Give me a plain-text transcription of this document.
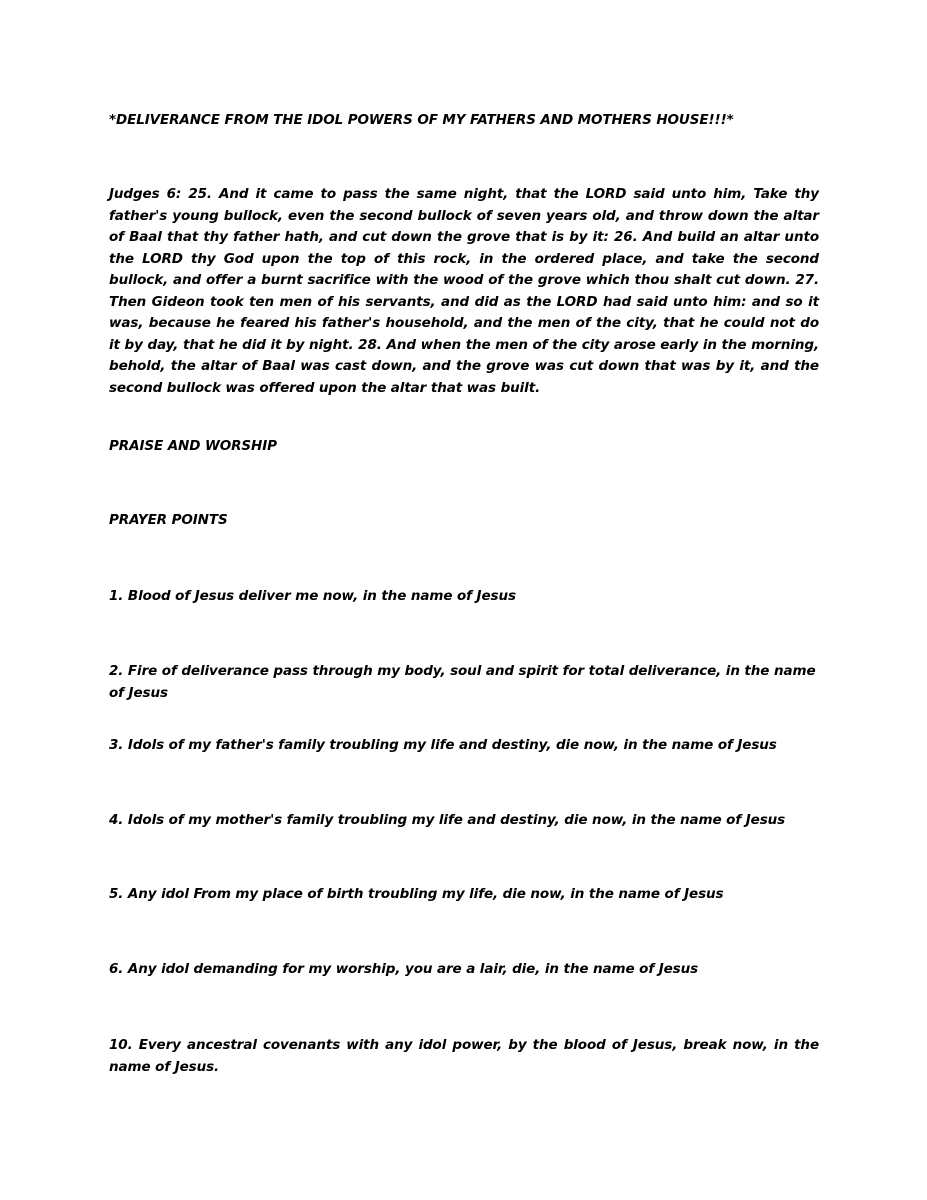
*DELIVERANCE FROM THE IDOL POWERS OF MY FATHERS AND MOTHERS HOUSE!!!*

Judges 6: 25. And it came to pass the same night, that the LORD said unto him, Take thy father's young bullock, even the second bullock of seven years old, and throw down the altar of Baal that thy father hath, and cut down the grove that is by it: 26. And build an altar unto the LORD thy God upon the top of this rock, in the ordered place, and take the second bullock, and offer a burnt sacrifice with the wood of the grove which thou shalt cut down. 27. Then Gideon took ten men of his servants, and did as the LORD had said unto him: and so it was, because he feared his father's household, and the men of the city, that he could not do it by day, that he did it by night. 28. And when the men of the city arose early in the morning, behold, the altar of Baal was cast down, and the grove was cut down that was by it, and the second bullock was offered upon the altar that was built.

PRAISE AND WORSHIP

PRAYER POINTS

1. Blood of Jesus deliver me now, in the name of Jesus

2. Fire of deliverance pass through my body, soul and spirit for total deliverance, in the name of Jesus

3. Idols of my father's family troubling my life and destiny, die now, in the name of Jesus

4. Idols of my mother's family troubling my life and destiny, die now, in the name of Jesus

5. Any idol From my place of birth troubling my life, die now, in the name of Jesus

6. Any idol demanding for my worship, you are a lair, die, in the name of Jesus

10. Every ancestral covenants with any idol power, by the blood of Jesus, break now, in the name of Jesus.
